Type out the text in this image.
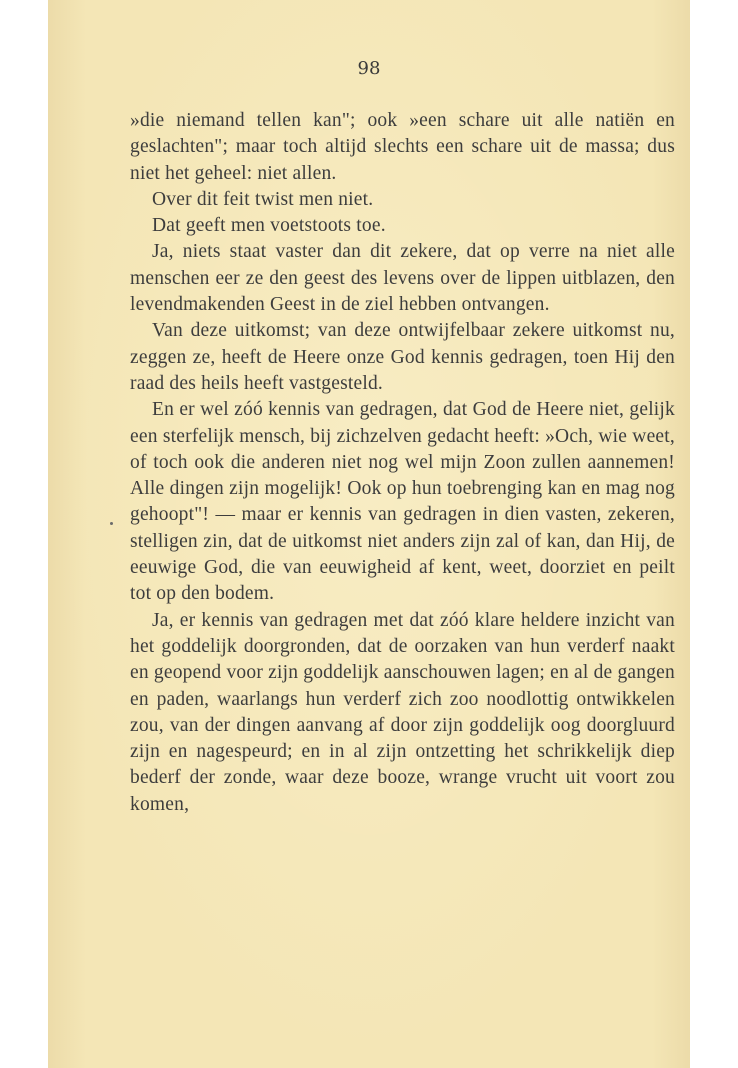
98

»die niemand tellen kan"; ook »een schare uit alle natiën en geslachten"; maar toch altijd slechts een schare uit de massa; dus niet het geheel: niet allen.

Over dit feit twist men niet.

Dat geeft men voetstoots toe.

Ja, niets staat vaster dan dit zekere, dat op verre na niet alle menschen eer ze den geest des levens over de lippen uitblazen, den levendmakenden Geest in de ziel hebben ontvangen.

Van deze uitkomst; van deze ontwijfelbaar zekere uitkomst nu, zeggen ze, heeft de Heere onze God kennis gedragen, toen Hij den raad des heils heeft vastgesteld.

En er wel zóó kennis van gedragen, dat God de Heere niet, gelijk een sterfelijk mensch, bij zichzelven gedacht heeft: »Och, wie weet, of toch ook die anderen niet nog wel mijn Zoon zullen aannemen! Alle dingen zijn mogelijk! Ook op hun toebrenging kan en mag nog gehoopt"! — maar er kennis van gedragen in dien vasten, zekeren, stelligen zin, dat de uitkomst niet anders zijn zal of kan, dan Hij, de eeuwige God, die van eeuwigheid af kent, weet, doorziet en peilt tot op den bodem.

Ja, er kennis van gedragen met dat zóó klare heldere inzicht van het goddelijk doorgronden, dat de oorzaken van hun verderf naakt en geopend voor zijn goddelijk aanschouwen lagen; en al de gangen en paden, waarlangs hun verderf zich zoo noodlottig ontwikkelen zou, van der dingen aanvang af door zijn goddelijk oog doorgluurd zijn en nagespeurd; en in al zijn ontzetting het schrikkelijk diep bederf der zonde, waar deze booze, wrange vrucht uit voort zou komen,
